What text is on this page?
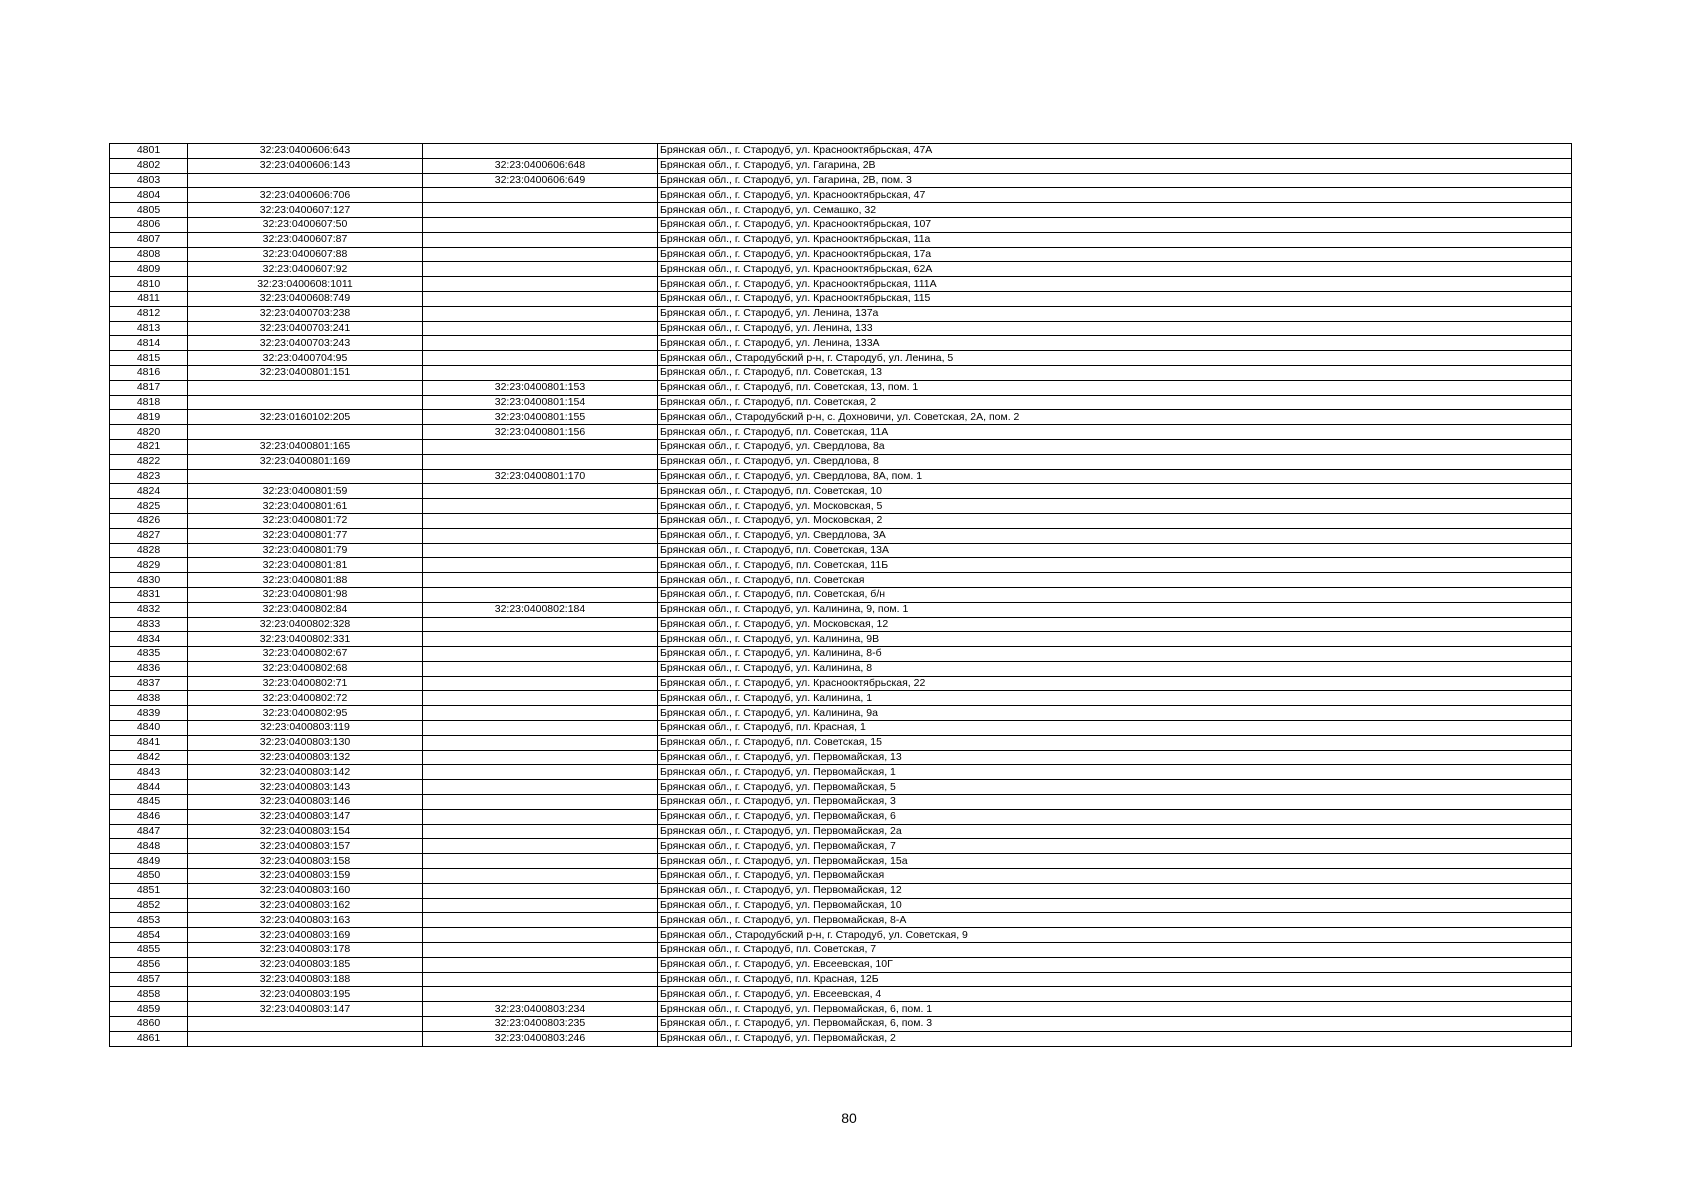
4801	32:23:0400606:643		Брянская обл., г. Стародуб, ул. Краснооктябрьская, 47А
4802	32:23:0400606:143	32:23:0400606:648	Брянская обл., г. Стародуб, ул. Гагарина, 2В
4803		32:23:0400606:649	Брянская обл., г. Стародуб, ул. Гагарина, 2В, пом. 3
4804	32:23:0400606:706		Брянская обл., г. Стародуб, ул. Краснооктябрьская, 47
4805	32:23:0400607:127		Брянская обл., г. Стародуб, ул. Семашко, 32
4806	32:23:0400607:50		Брянская обл., г. Стародуб, ул. Краснооктябрьская, 107
4807	32:23:0400607:87		Брянская обл., г. Стародуб, ул. Краснооктябрьская, 11а
4808	32:23:0400607:88		Брянская обл., г. Стародуб, ул. Краснооктябрьская, 17а
4809	32:23:0400607:92		Брянская обл., г. Стародуб, ул. Краснооктябрьская, 62А
4810	32:23:0400608:1011		Брянская обл., г. Стародуб, ул. Краснооктябрьская, 111А
4811	32:23:0400608:749		Брянская обл., г. Стародуб, ул. Краснооктябрьская, 115
4812	32:23:0400703:238		Брянская обл., г. Стародуб, ул. Ленина, 137а
4813	32:23:0400703:241		Брянская обл., г. Стародуб, ул. Ленина, 133
4814	32:23:0400703:243		Брянская обл., г. Стародуб, ул. Ленина, 133А
4815	32:23:0400704:95		Брянская обл., Стародубский р-н, г. Стародуб, ул. Ленина, 5
4816	32:23:0400801:151		Брянская обл., г. Стародуб, пл. Советская, 13
4817		32:23:0400801:153	Брянская обл., г. Стародуб, пл. Советская, 13, пом. 1
4818		32:23:0400801:154	Брянская обл., г. Стародуб, пл. Советская, 2
4819	32:23:0160102:205	32:23:0400801:155	Брянская обл., Стародубский р-н, с. Дохновичи, ул. Советская, 2А, пом. 2
4820		32:23:0400801:156	Брянская обл., г. Стародуб, пл. Советская, 11А
4821	32:23:0400801:165		Брянская обл., г. Стародуб, ул. Свердлова, 8а
4822	32:23:0400801:169		Брянская обл., г. Стародуб, ул. Свердлова, 8
4823		32:23:0400801:170	Брянская обл., г. Стародуб, ул. Свердлова, 8А, пом. 1
4824	32:23:0400801:59		Брянская обл., г. Стародуб, пл. Советская, 10
4825	32:23:0400801:61		Брянская обл., г. Стародуб, ул. Московская, 5
4826	32:23:0400801:72		Брянская обл., г. Стародуб, ул. Московская, 2
4827	32:23:0400801:77		Брянская обл., г. Стародуб, ул. Свердлова, 3А
4828	32:23:0400801:79		Брянская обл., г. Стародуб, пл. Советская, 13А
4829	32:23:0400801:81		Брянская обл., г. Стародуб, пл. Советская, 11Б
4830	32:23:0400801:88		Брянская обл., г. Стародуб, пл. Советская
4831	32:23:0400801:98		Брянская обл., г. Стародуб, пл. Советская, б/н
4832	32:23:0400802:84	32:23:0400802:184	Брянская обл., г. Стародуб, ул. Калинина, 9, пом. 1
4833	32:23:0400802:328		Брянская обл., г. Стародуб, ул. Московская, 12
4834	32:23:0400802:331		Брянская обл., г. Стародуб, ул. Калинина, 9В
4835	32:23:0400802:67		Брянская обл., г. Стародуб, ул. Калинина, 8-б
4836	32:23:0400802:68		Брянская обл., г. Стародуб, ул. Калинина, 8
4837	32:23:0400802:71		Брянская обл., г. Стародуб, ул. Краснооктябрьская, 22
4838	32:23:0400802:72		Брянская обл., г. Стародуб, ул. Калинина, 1
4839	32:23:0400802:95		Брянская обл., г. Стародуб, ул. Калинина, 9а
4840	32:23:0400803:119		Брянская обл., г. Стародуб, пл. Красная, 1
4841	32:23:0400803:130		Брянская обл., г. Стародуб, пл. Советская, 15
4842	32:23:0400803:132		Брянская обл., г. Стародуб, ул. Первомайская, 13
4843	32:23:0400803:142		Брянская обл., г. Стародуб, ул. Первомайская, 1
4844	32:23:0400803:143		Брянская обл., г. Стародуб, ул. Первомайская, 5
4845	32:23:0400803:146		Брянская обл., г. Стародуб, ул. Первомайская, 3
4846	32:23:0400803:147		Брянская обл., г. Стародуб, ул. Первомайская, 6
4847	32:23:0400803:154		Брянская обл., г. Стародуб, ул. Первомайская, 2а
4848	32:23:0400803:157		Брянская обл., г. Стародуб, ул. Первомайская, 7
4849	32:23:0400803:158		Брянская обл., г. Стародуб, ул. Первомайская, 15а
4850	32:23:0400803:159		Брянская обл., г. Стародуб, ул. Первомайская
4851	32:23:0400803:160		Брянская обл., г. Стародуб, ул. Первомайская, 12
4852	32:23:0400803:162		Брянская обл., г. Стародуб, ул. Первомайская, 10
4853	32:23:0400803:163		Брянская обл., г. Стародуб, ул. Первомайская, 8-А
4854	32:23:0400803:169		Брянская обл., Стародубский р-н, г. Стародуб, ул. Советская, 9
4855	32:23:0400803:178		Брянская обл., г. Стародуб, пл. Советская, 7
4856	32:23:0400803:185		Брянская обл., г. Стародуб, ул. Евсеевская, 10Г
4857	32:23:0400803:188		Брянская обл., г. Стародуб, пл. Красная, 12Б
4858	32:23:0400803:195		Брянская обл., г. Стародуб, ул. Евсеевская, 4
4859	32:23:0400803:147	32:23:0400803:234	Брянская обл., г. Стародуб, ул. Первомайская, 6, пом. 1
4860		32:23:0400803:235	Брянская обл., г. Стародуб, ул. Первомайская, 6, пом. 3
4861		32:23:0400803:246	Брянская обл., г. Стародуб, ул. Первомайская, 2
80
